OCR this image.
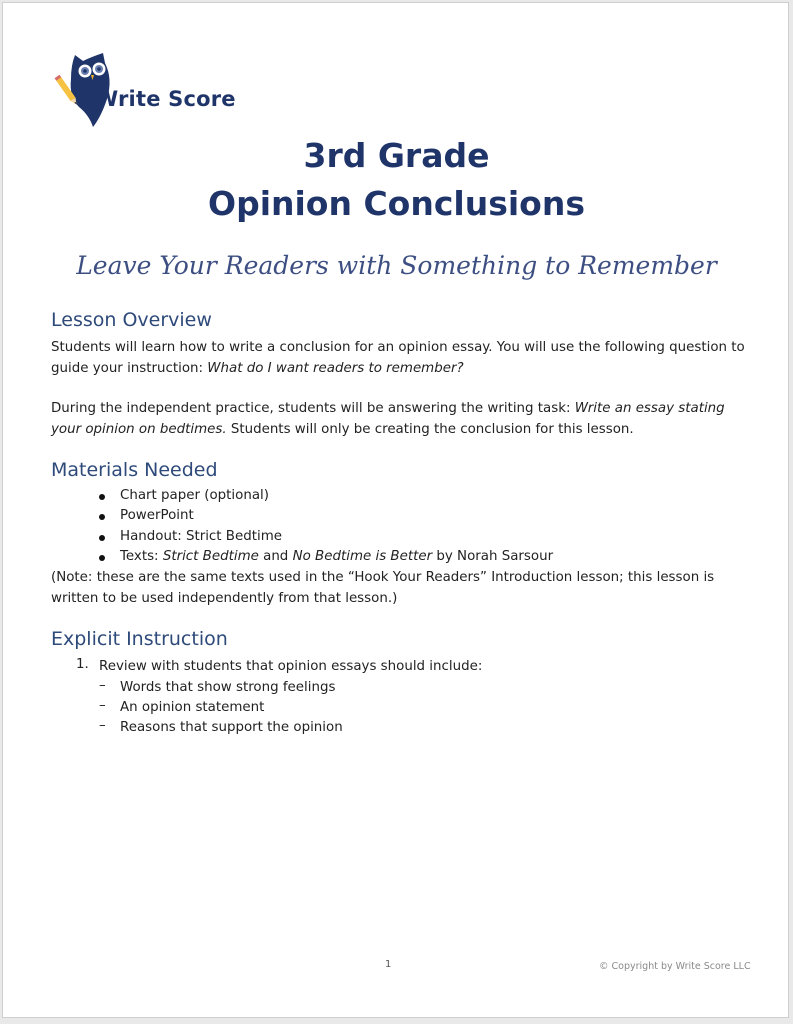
Write Score
3rd Grade
Opinion Conclusions
Leave Your Readers with Something to Remember
Lesson Overview
Students will learn how to write a conclusion for an opinion essay. You will use the following question to guide your instruction: What do I want readers to remember?
During the independent practice, students will be answering the writing task: Write an essay stating your opinion on bedtimes. Students will only be creating the conclusion for this lesson.
Materials Needed
Chart paper (optional)
PowerPoint
Handout: Strict Bedtime
Texts: Strict Bedtime and No Bedtime is Better by Norah Sarsour
(Note: these are the same texts used in the “Hook Your Readers” Introduction lesson; this lesson is written to be used independently from that lesson.)
Explicit Instruction
1. Review with students that opinion essays should include:
– Words that show strong feelings
– An opinion statement
– Reasons that support the opinion
1	© Copyright by Write Score LLC
